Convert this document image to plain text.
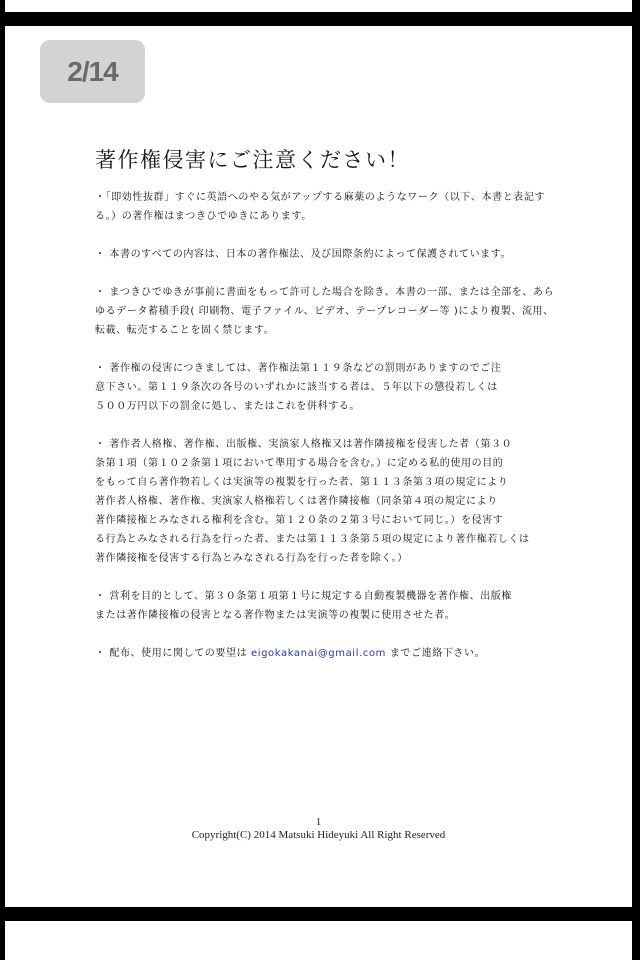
2/14
著作権侵害にご注意ください！

・「即効性抜群」すぐに英語へのやる気がアップする麻薬のようなワーク（以下、本書と表記す
る。）の著作権はまつきひでゆきにあります。

・ 本書のすべての内容は、日本の著作権法、及び国際条約によって保護されています。

・ まつきひでゆきが事前に書面をもって許可した場合を除き、本書の一部、または全部を、あら
ゆるデータ蓄積手段( 印刷物、電子ファイル、ビデオ、テープレコーダー等 )により複製、流用、
転載、転売することを固く禁じます。

・ 著作権の侵害につきましては、著作権法第１１９条などの罰則がありますのでご注
意下さい。第１１９条次の各号のいずれかに該当する者は、５年以下の懲役若しくは
５００万円以下の罰金に処し、またはこれを併科する。

・ 著作者人格権、著作権、出版権、実演家人格権又は著作隣接権を侵害した者（第３０
条第１項（第１０２条第１項において準用する場合を含む。）に定める私的使用の目的
をもって自ら著作物若しくは実演等の複製を行った者、第１１３条第３項の規定により
著作者人格権、著作権、実演家人格権若しくは著作隣接権（同条第４項の規定により
著作隣接権とみなされる権利を含む。第１２０条の２第３号において同じ。）を侵害す
る行為とみなされる行為を行った者、または第１１３条第５項の規定により著作権若しくは
著作隣接権を侵害する行為とみなされる行為を行った者を除く。）

・ 営利を目的として、第３０条第１項第１号に規定する自動複製機器を著作権、出版権
または著作隣接権の侵害となる著作物または実演等の複製に使用させた者。

・ 配布、使用に関しての要望は eigokakanai@gmail.com までご連絡下さい。

1
Copyright(C) 2014 Matsuki Hideyuki All Right Reserved
